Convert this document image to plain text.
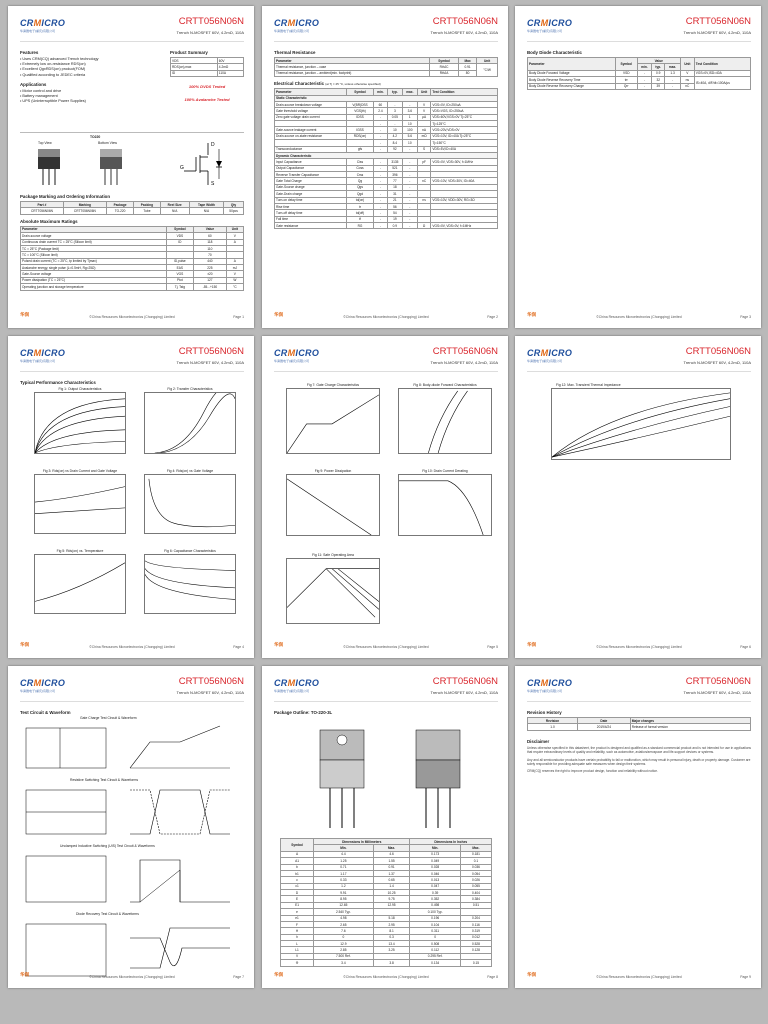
CRMICRO
华润微电子(重庆)有限公司
CRTT056N06N
Trench N-MOSFET 60V, 4.2mΩ, 110A
Features
• Uses CRM(CQ) advanced Trench technology
• Extremely low on-resistance RDS(on)
• Excellent QgxRDS(on) product(FOM)
• Qualified according to JEDEC criteria
Applications
• Motor control and drive
• Battery management
• UPS (Uninterruptible Power Supplies)
Product Summary
VDS	60V
RDS(on),max	4.2mΩ
ID	110A
100% DVDS Tested
100% Avalanche Tested
TO220
Top View	Bottom View	D
G
S
Package Marking and Ordering Information
Part #	Marking	Package	Packing	Reel Size	Tape Width	Qty
CRTT056N06N	CRTT056N06N	TO-220	Tube	N/A	N/A	50pcs
Absolute Maximum Ratings
Parameter	Symbol	Value	Unit
Drain-source voltage	VDS	60	V
Continuous drain current TC = 25°C (Silicon limit)	ID	118	A
TC = 25°C (Package limit)		110	
TC = 100°C (Silicon limit)		70	
Pulsed drain current (TC = 25°C, tp limited by Tjmax)	ID,pulse	440	A
Avalanche energy, single pulse (L=0.5mH, Rg=25Ω)	EAS	225	mJ
Gate-Source voltage	VGS	±20	V
Power dissipation (TC = 25°C)	Ptot	127	W
Operating junction and storage temperature	Tj, Tstg	-55...+150	°C
华润	©China Resources Microelectronics (Chongqing) Limited	Page 1
CRMICRO
华润微电子(重庆)有限公司
CRTT056N06N
Trench N-MOSFET 60V, 4.2mΩ, 110A
Thermal Resistance
Parameter	Symbol	Max	Unit
Thermal resistance, junction – case	RthJC	0.91	°C/W
Thermal resistance, junction – ambient(min. footprint)	RthJA	80	
Electrical Characteristic (at Tj = 25 °C, unless otherwise specified)
Parameter	Symbol	min.	typ.	max.	Unit	Test Condition
Static Characteristic						
Drain-source breakdown voltage	V(BR)DSS	60	-	-	V	VGS=0V, ID=250uA
Gate threshold voltage	VGS(th)	2.4	3	3.6	V	VDS=VGS, ID=250uA
Zero gate voltage drain current	IDSS	-	0.05	1	μA	VDS=60V,VGS=0V Tj=25°C
		-	-	10		Tj=125°C
Gate-source leakage current	IGSS	-	10	100	nA	VGS=20V,VDS=0V
Drain-source on-state resistance	RDS(on)	-	4.2	5.6	mΩ	VGS=10V, ID=40A Tj=25°C
		-	8.4	10		Tj=150°C
Transconductance	gfs	-	92	-	S	VDS=5V,ID=40A
Dynamic Characteristic						
Input Capacitance	Ciss	-	3135	-	pF	VGS=0V, VDS=30V, f=1MHz
Output Capacitance	Coss	-	521	-		
Reverse Transfer Capacitance	Crss	-	396	-		
Gate Total Charge	Qg	-	77	-	nC	VGS=10V, VDS=30V, ID=40A
Gate-Source charge	Qgs	-	18	-		
Gate-Drain charge	Qgd	-	31	-		
Turn-on delay time	td(on)	-	21	-	ns	VGS=10V, VDD=30V, RG=3Ω
Rise time	tr	-	56	-		
Turn-off delay time	td(off)	-	54	-		
Fall time	tf	-	19	-		
Gate resistance	RG	-	0.9	-	Ω	VGS=0V, VDS=0V, f=1MHz
华润	©China Resources Microelectronics (Chongqing) Limited	Page 2
CRMICRO
华润微电子(重庆)有限公司
CRTT056N06N
Trench N-MOSFET 60V, 4.2mΩ, 110A
Body Diode Characteristic
Parameter	Symbol	Value			Unit	Test Condition
		min.	typ.	max.		
Body Diode Forward Voltage	VSD	-	0.9	1.3	V	VGS=0V,ISD=40A
Body Diode Reverse Recovery Time	trr	-	32	-	ns	IS=40A, dIF/dt=100A/μs
Body Diode Reverse Recovery Charge	Qrr	-	39	-	nC	
华润	©China Resources Microelectronics (Chongqing) Limited	Page 3
CRMICRO
华润微电子(重庆)有限公司
CRTT056N06N
Trench N-MOSFET 60V, 4.2mΩ, 110A
Typical Performance Characteristics
Fig 1: Output Characteristics	Fig 2: Transfer Characteristics
Fig 3: Rds(on) vs Drain Current and Gate Voltage	Fig 4: Rds(on) vs Gate Voltage
Fig 5: Rds(on) vs. Temperature	Fig 6: Capacitance Characteristics
华润	©China Resources Microelectronics (Chongqing) Limited	Page 4
CRMICRO
华润微电子(重庆)有限公司
CRTT056N06N
Trench N-MOSFET 60V, 4.2mΩ, 110A
Fig 7: Gate Charge Characteristics	Fig 8: Body-diode Forward Characteristics
Fig 9: Power Dissipation	Fig 10: Drain Current Derating
Fig 11: Safe Operating Area
华润	©China Resources Microelectronics (Chongqing) Limited	Page 5
CRMICRO
华润微电子(重庆)有限公司
CRTT056N06N
Trench N-MOSFET 60V, 4.2mΩ, 110A
Fig 12: Max. Transient Thermal Impedance
华润	©China Resources Microelectronics (Chongqing) Limited	Page 6
CRMICRO
华润微电子(重庆)有限公司
CRTT056N06N
Trench N-MOSFET 60V, 4.2mΩ, 110A
Test Circuit & Waveform
Gate Charge Test Circuit & Waveform
Resistive Switching Test Circuit & Waveforms
Unclamped Inductive Switching (UIS) Test Circuit & Waveforms
Diode Recovery Test Circuit & Waveforms
华润	©China Resources Microelectronics (Chongqing) Limited	Page 7
CRMICRO
华润微电子(重庆)有限公司
CRTT056N06N
Trench N-MOSFET 60V, 4.2mΩ, 110A
Package Outline: TO-220-3L
Symbol	Dimensions In Millimeters		Dimensions In Inches	
	Min.	Max.	Min.	Max.
A	4.4	4.6	0.173	0.181
A1	1.25	1.55	0.049	0.1
b	0.71	0.91	0.028	0.036
b1	1.17	1.37	0.046	0.054
c	0.33	0.65	0.013	0.026
c1	1.2	1.4	0.047	0.055
D	9.91	10.25	0.39	0.404
E	8.95	9.75	0.352	0.384
E1	12.65	12.95	0.498	0.51
e	2.540 Typ.		0.100 Typ.	
e1	4.98	5.18	0.196	0.204
F	2.65	2.95	0.104	0.116
H	7.6	8.1	0.311	0.319
h	0	0.3	0	0.012
L	12.9	13.4	0.508	0.528
L1	2.85	3.25	0.112	0.128
V	7.500 Ref.		0.295 Ref.	
Φ	3.4	3.8	0.134	0.15
华润	©China Resources Microelectronics (Chongqing) Limited	Page 8
CRMICRO
华润微电子(重庆)有限公司
CRTT056N06N
Trench N-MOSFET 60V, 4.2mΩ, 110A
Revision History
Revision	Date	Major changes
1.0	2019/4/24	Release of formal version
Disclaimer

Unless otherwise specified in this datasheet, the product is designed and qualified as a standard commercial product and is not intended for use in applications that require extraordinary levels of quality and reliability, such as automotive, aviation/aerospace and life-support devices or systems.

Any and all semiconductor products have certain probability to fail or malfunction, which may result in personal injury, death or property damage. Customer are solely responsible for providing adequate safe measures when design their systems.

CRM(CQ) reserves the right to improve product design, function and reliability without notice.

华润	©China Resources Microelectronics (Chongqing) Limited	Page 9
